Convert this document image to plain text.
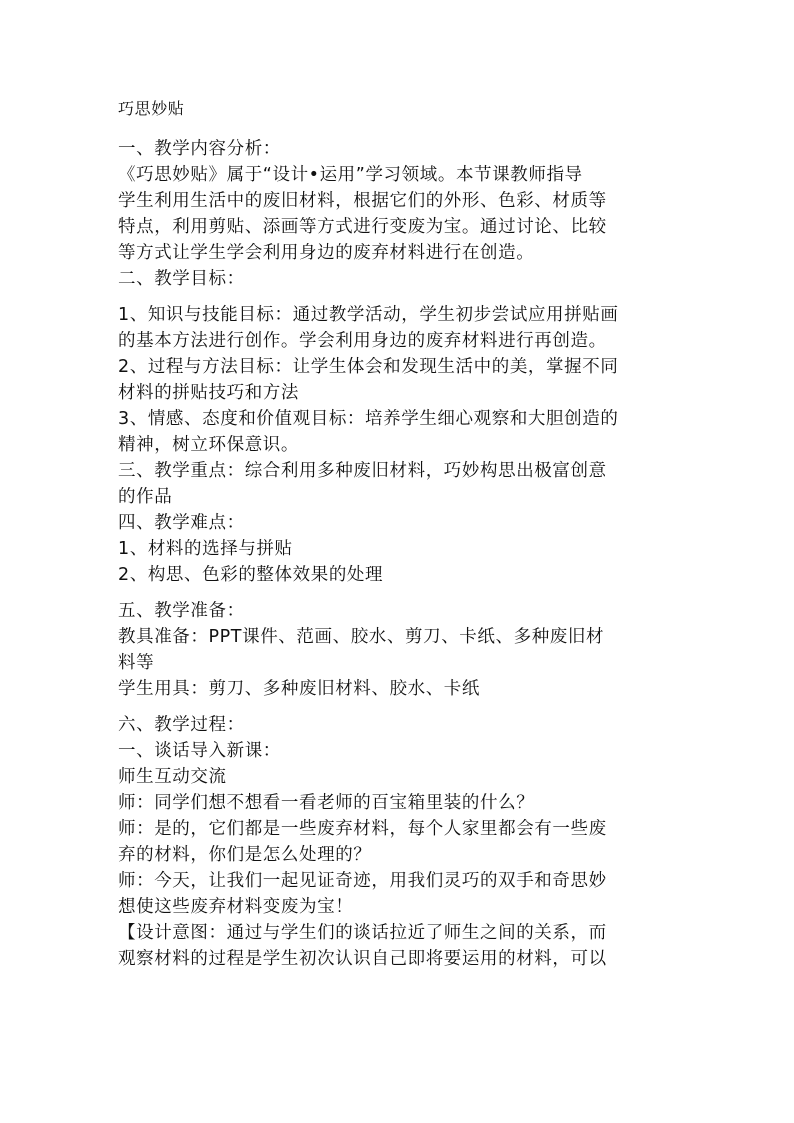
巧思妙贴
一、教学内容分析：
《巧思妙贴》属于“设计•运用”学习领域。本节课教师指导
学生利用生活中的废旧材料，根据它们的外形、色彩、材质等
特点，利用剪贴、添画等方式进行变废为宝。通过讨论、比较
等方式让学生学会利用身边的废弃材料进行在创造。
二、教学目标：
1、知识与技能目标：通过教学活动，学生初步尝试应用拼贴画
的基本方法进行创作。学会利用身边的废弃材料进行再创造。
2、过程与方法目标：让学生体会和发现生活中的美，掌握不同
材料的拼贴技巧和方法
3、情感、态度和价值观目标：培养学生细心观察和大胆创造的
精神，树立环保意识。
三、教学重点：综合利用多种废旧材料，巧妙构思出极富创意
的作品
四、教学难点：
1、材料的选择与拼贴
2、构思、色彩的整体效果的处理
五、教学准备：
教具准备：PPT课件、范画、胶水、剪刀、卡纸、多种废旧材
料等
学生用具：剪刀、多种废旧材料、胶水、卡纸
六、教学过程：
一、谈话导入新课：
师生互动交流
师：同学们想不想看一看老师的百宝箱里装的什么？
师：是的，它们都是一些废弃材料，每个人家里都会有一些废
弃的材料，你们是怎么处理的？
师：今天，让我们一起见证奇迹，用我们灵巧的双手和奇思妙
想使这些废弃材料变废为宝！
【设计意图：通过与学生们的谈话拉近了师生之间的关系，而
观察材料的过程是学生初次认识自己即将要运用的材料，可以
